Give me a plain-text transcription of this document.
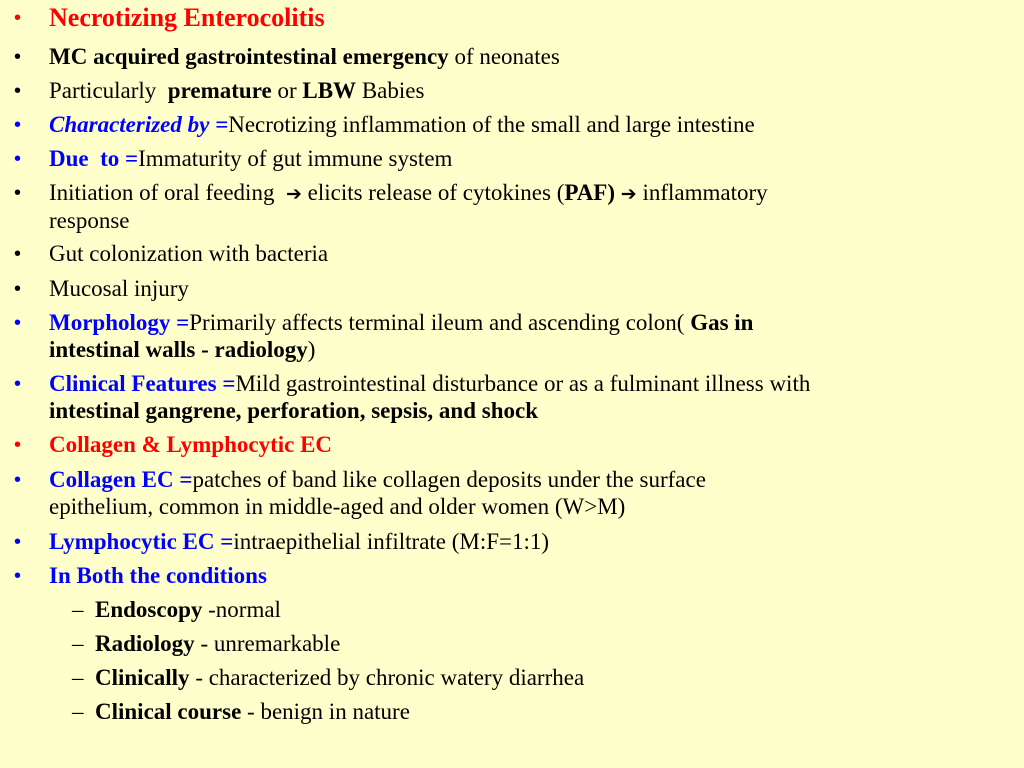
• Necrotizing Enterocolitis
• MC acquired gastrointestinal emergency of neonates
• Particularly premature or LBW Babies
• Characterized by =Necrotizing inflammation of the small and large intestine
• Due  to =Immaturity of gut immune system
• Initiation of oral feeding ➔ elicits release of cytokines (PAF) ➔ inflammatory
response
• Gut colonization with bacteria
• Mucosal injury
• Morphology =Primarily affects terminal ileum and ascending colon( Gas in
intestinal walls - radiology)
• Clinical Features =Mild gastrointestinal disturbance or as a fulminant illness with
intestinal gangrene, perforation, sepsis, and shock
• Collagen & Lymphocytic EC
• Collagen EC =patches of band like collagen deposits under the surface
epithelium, common in middle-aged and older women (W>M)
• Lymphocytic EC =intraepithelial infiltrate (M:F=1:1)
• In Both the conditions
– Endoscopy -normal
– Radiology - unremarkable
– Clinically - characterized by chronic watery diarrhea
– Clinical course - benign in nature
